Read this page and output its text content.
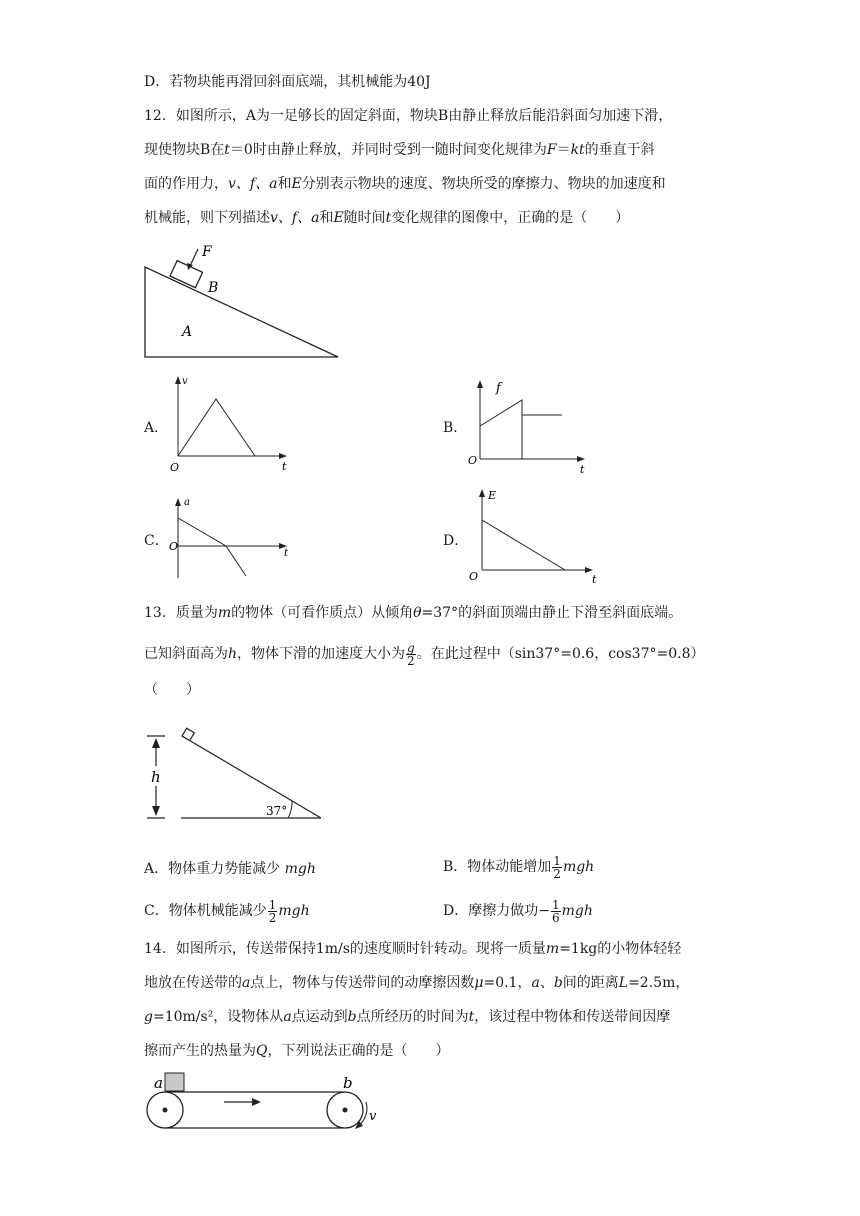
D．若物块能再滑回斜面底端，其机械能为40J
12．如图所示，A为一足够长的固定斜面，物块B由静止释放后能沿斜面匀加速下滑，
现使物块B在t＝0时由静止释放，并同时受到一随时间变化规律为F＝kt的垂直于斜
面的作用力，v、f、a和E分别表示物块的速度、物块所受的摩擦力、物块的加速度和
机械能，则下列描述v、f、a和E随时间t变化规律的图像中，正确的是（　　）
F
B
A
A．
v
O	t
B．
f
O
t
C．
a
O
t
D．
E
O	t
13．质量为m的物体（可看作质点）从倾角θ=37°的斜面顶端由静止下滑至斜面底端。
已知斜面高为h，物体下滑的加速度大小为 $\frac{g}{2}$ 。在此过程中（sin37°=0.6，cos37°=0.8）
（　　）
h
37°
A．物体重力势能减少 mgh	B．物体动能增加 $\frac{1}{2}$ mgh
C．物体机械能减少 $\frac{1}{2}$ mgh	D．摩擦力做功− $\frac{1}{6}$ mgh
14．如图所示，传送带保持1m/s的速度顺时针转动。现将一质量m=1kg的小物体轻轻
地放在传送带的a点上，物体与传送带间的动摩擦因数μ=0.1，a、b间的距离L=2.5m，
g=10m/s²，设物体从a点运动到b点所经历的时间为t，该过程中物体和传送带间因摩
擦而产生的热量为Q，下列说法正确的是（　　）
a	b
v
